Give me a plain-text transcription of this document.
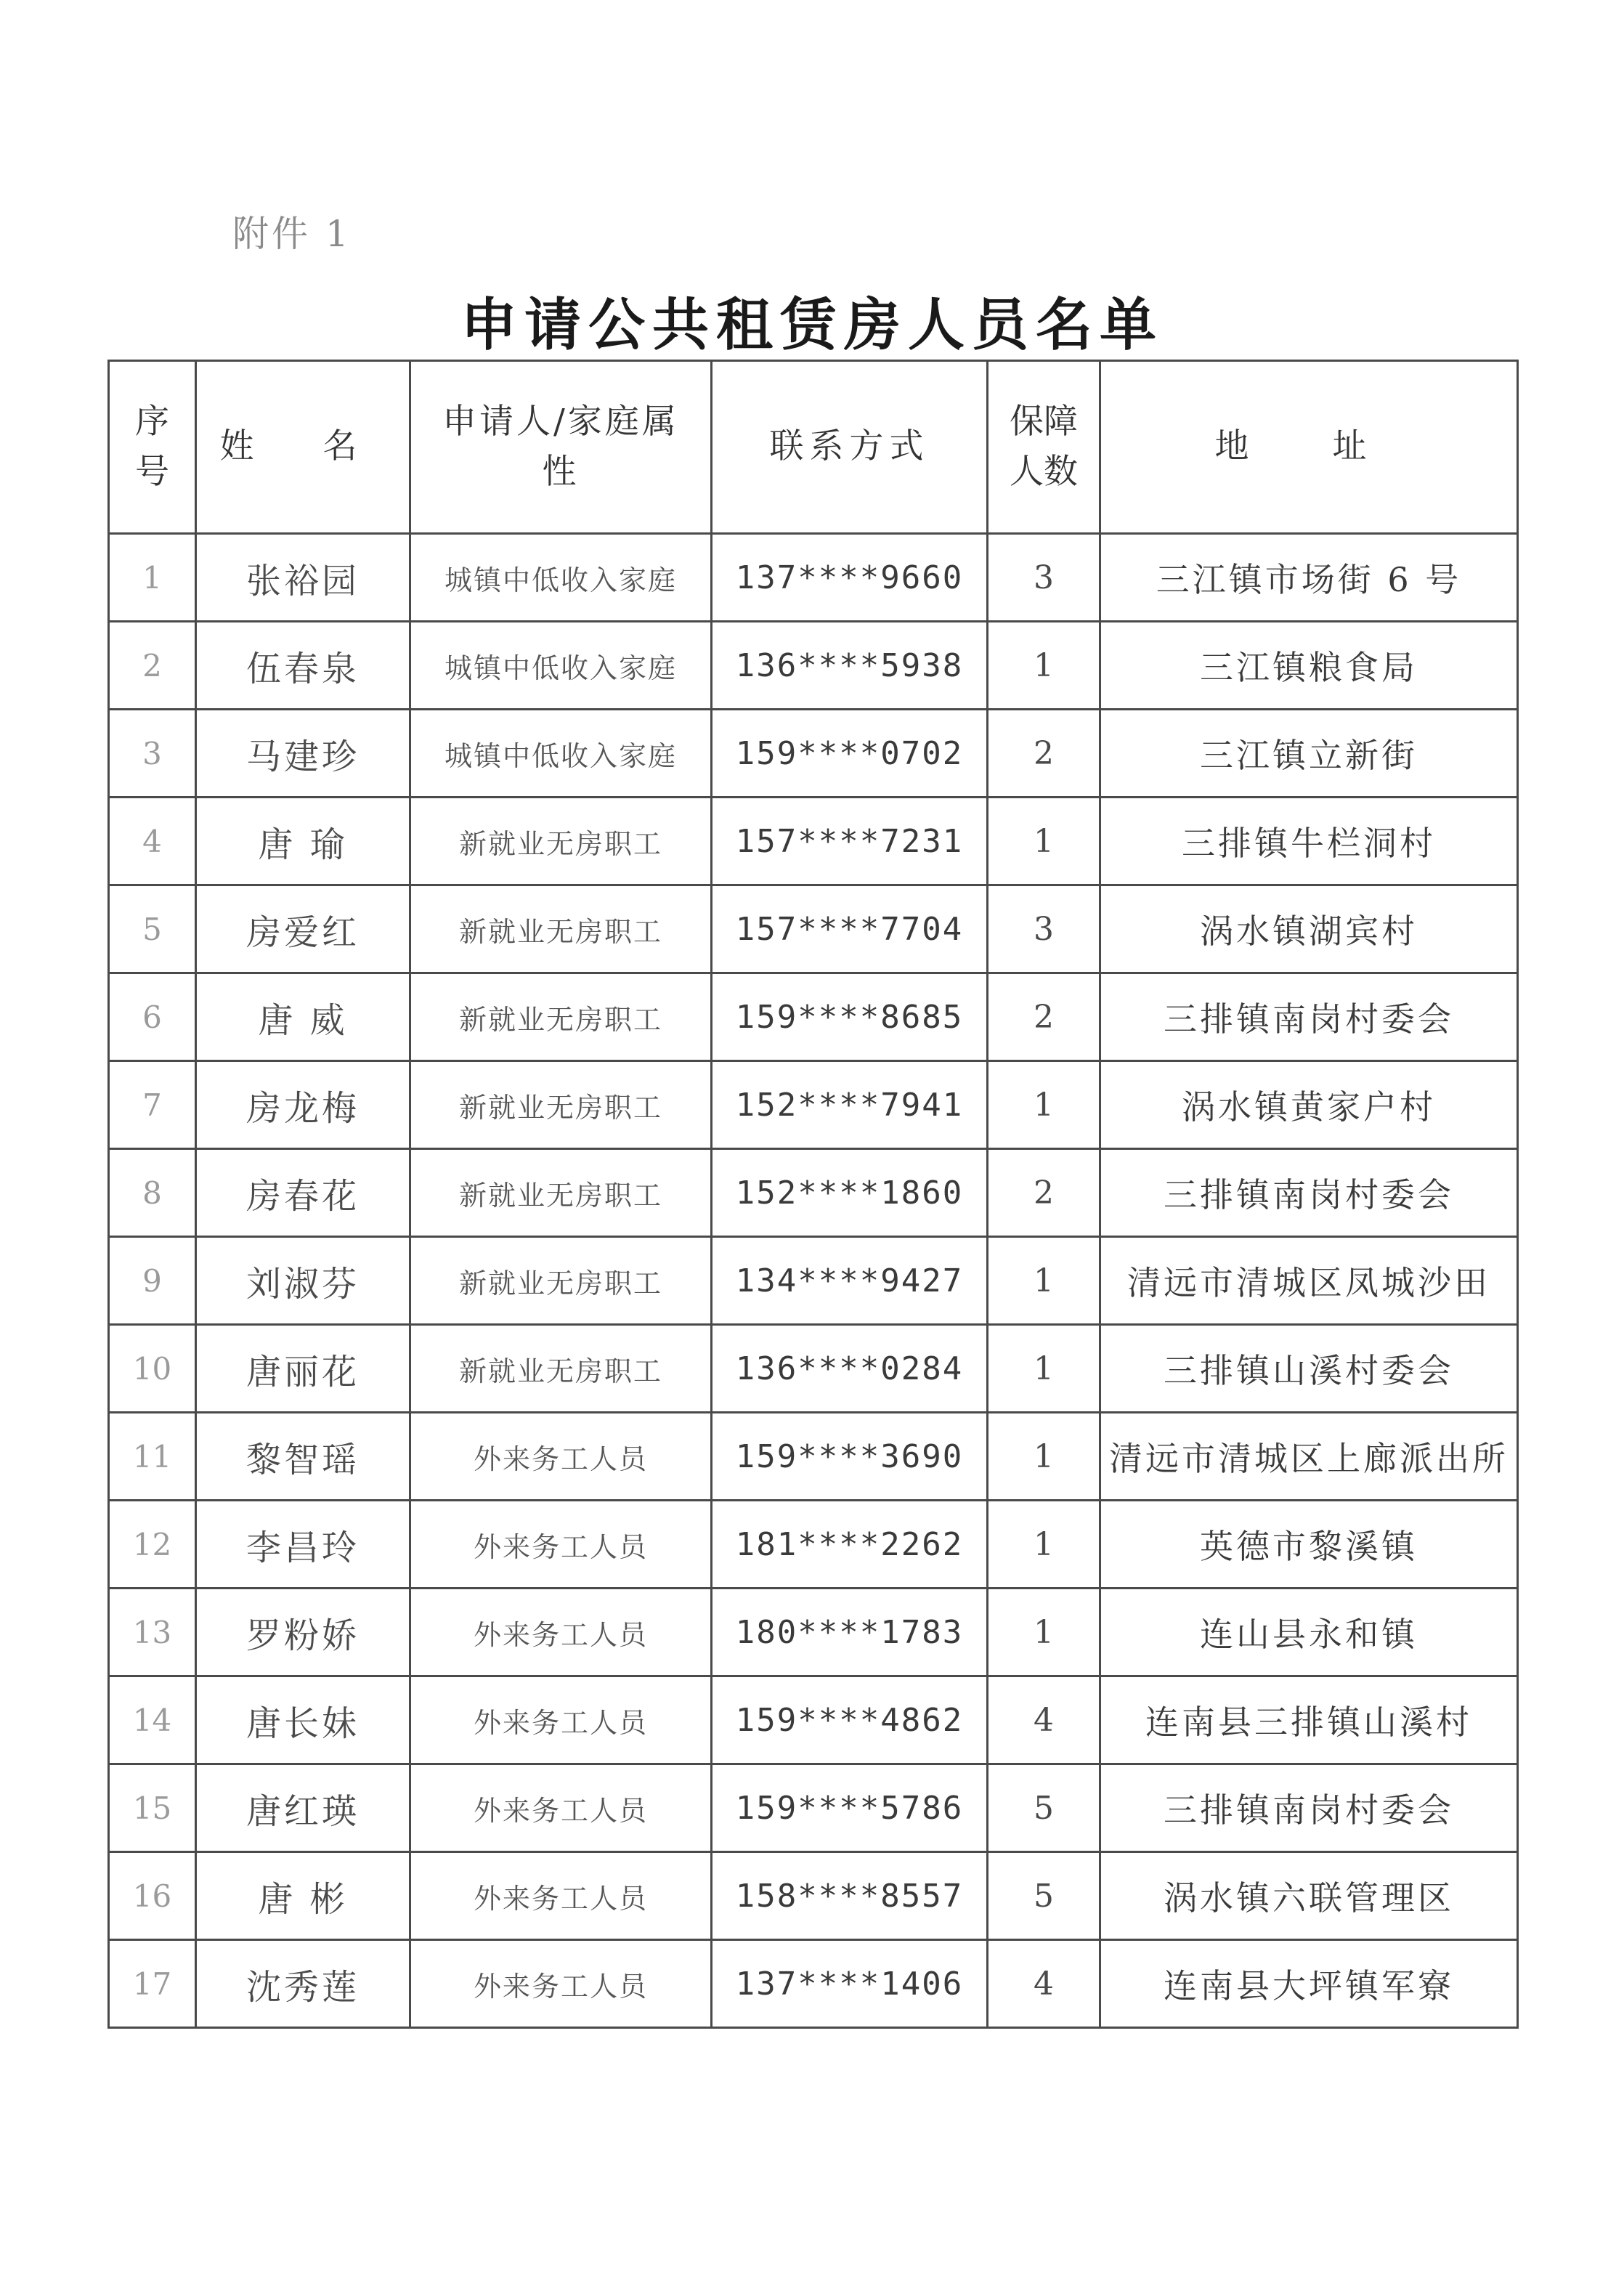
附件 1
申请公共租赁房人员名单
序号	姓 名	申请人/家庭属性	联系方式	保障人数	地 址

1	张裕园	城镇中低收入家庭	137****9660	3	三江镇市场街 6 号
2	伍春泉	城镇中低收入家庭	136****5938	1	三江镇粮食局
3	马建珍	城镇中低收入家庭	159****0702	2	三江镇立新街
4	唐 瑜	新就业无房职工	157****7231	1	三排镇牛栏洞村
5	房爱红	新就业无房职工	157****7704	3	涡水镇湖宾村
6	唐 威	新就业无房职工	159****8685	2	三排镇南岗村委会
7	房龙梅	新就业无房职工	152****7941	1	涡水镇黄家户村
8	房春花	新就业无房职工	152****1860	2	三排镇南岗村委会
9	刘淑芬	新就业无房职工	134****9427	1	清远市清城区凤城沙田
10	唐丽花	新就业无房职工	136****0284	1	三排镇山溪村委会
11	黎智瑶	外来务工人员	159****3690	1	清远市清城区上廊派出所
12	李昌玲	外来务工人员	181****2262	1	英德市黎溪镇
13	罗粉娇	外来务工人员	180****1783	1	连山县永和镇
14	唐长妹	外来务工人员	159****4862	4	连南县三排镇山溪村
15	唐红瑛	外来务工人员	159****5786	5	三排镇南岗村委会
16	唐 彬	外来务工人员	158****8557	5	涡水镇六联管理区
17	沈秀莲	外来务工人员	137****1406	4	连南县大坪镇军寮
